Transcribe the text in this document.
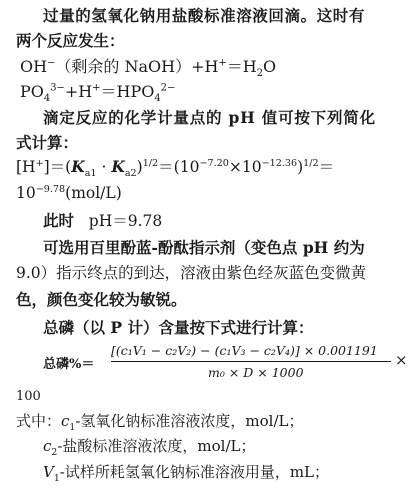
过量的氢氧化钠用盐酸标准溶液回滴。这时有
两个反应发生：
OH−（剩余的 $NaOH)+H^+=H_2O$
$PO_4^{3-}+H^+=HPO_4^{2-}$
滴定反应的化学计量点的 pH 值可按下列简化
式计算：
$[H^+]=(K_{a1} \cdot K_{a2})^{1/2}=(10^{-7.20}\times 10^{-12.36})^{1/2}=$
$10^{-9.78}(mol/L)$
此时 pH＝9.78
可选用百里酚蓝-酚酞指示剂（变色点 pH 约为
9.0）指示终点的到达，溶液由紫色经灰蓝色变微黄
色，颜色变化较为敏锐。
总磷（以 P 计）含量按下式进行计算：
总磷%＝
[(c₁V₁ − c₂V₂) − (c₁V₃ − c₂V₄)] × 0.001191
m₀ × D × 1000
×
100
式中：$c_1-$氢氧化钠标准溶液浓度，mol/L；
$c_2-$盐酸标准溶液浓度，mol/L；
$V_1-$试样所耗氢氧化钠标准溶液用量，mL；
